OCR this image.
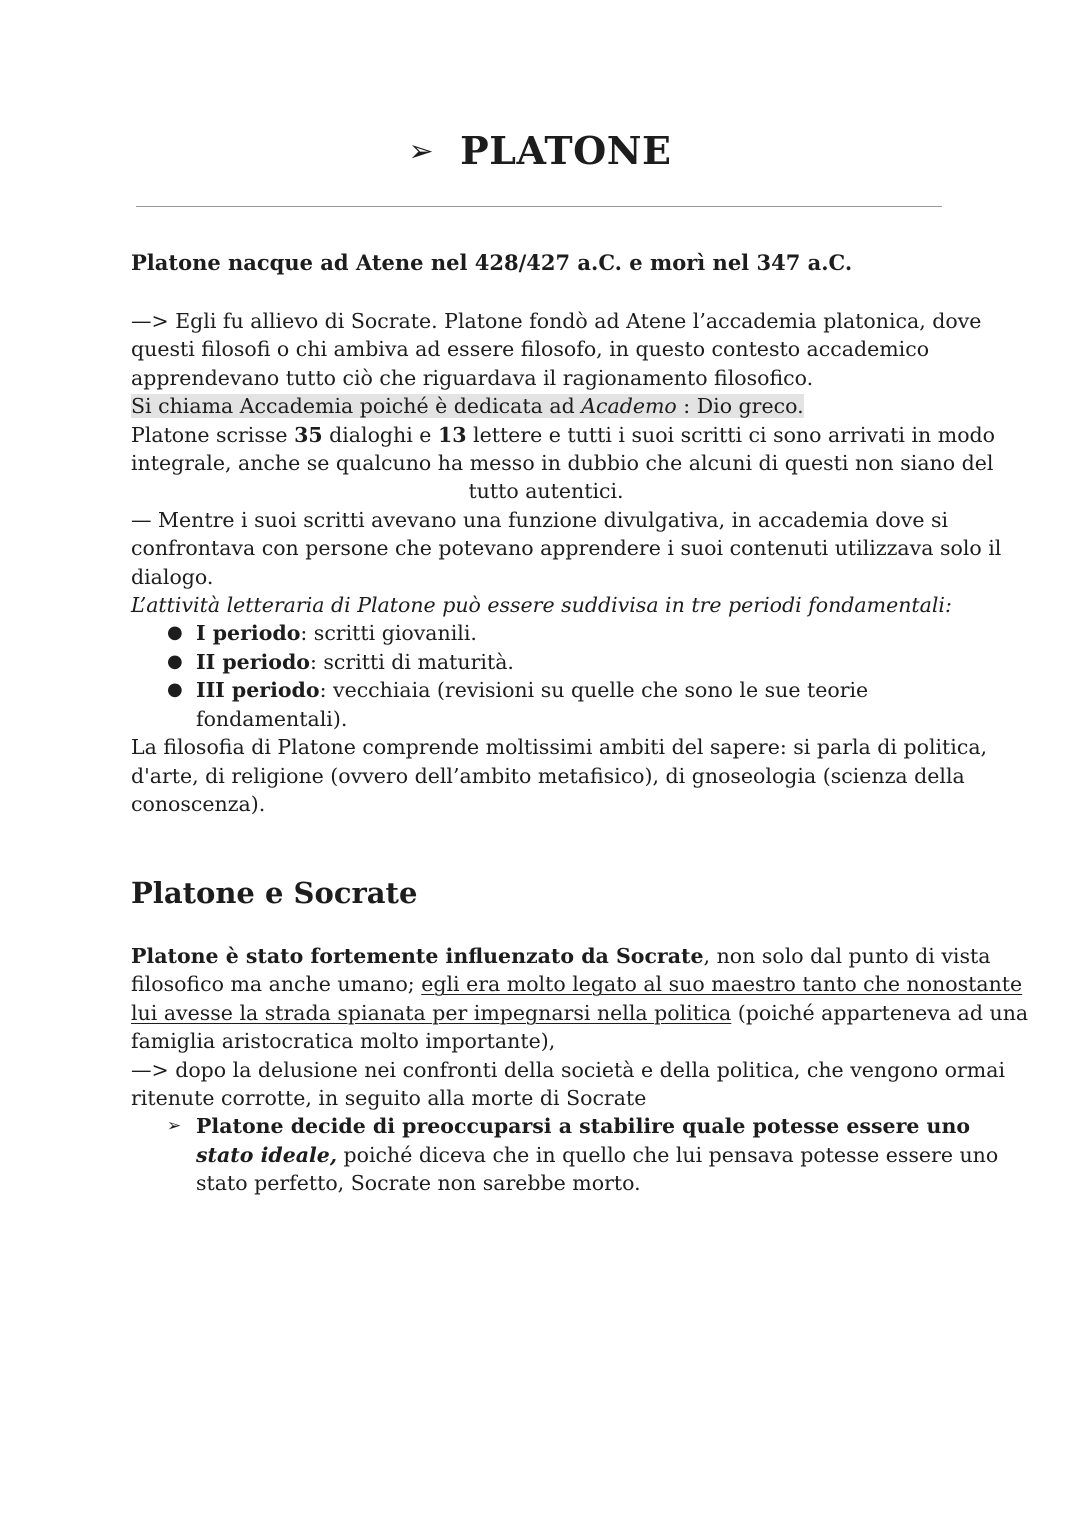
➢ PLATONE
Platone nacque ad Atene nel 428/427 a.C. e morì nel 347 a.C.
—> Egli fu allievo di Socrate. Platone fondò ad Atene l’accademia platonica, dove
questi filosofi o chi ambiva ad essere filosofo, in questo contesto accademico
apprendevano tutto ciò che riguardava il ragionamento filosofico.
Si chiama Accademia poiché è dedicata ad Academo : Dio greco.
Platone scrisse 35 dialoghi e 13 lettere e tutti i suoi scritti ci sono arrivati in modo
integrale, anche se qualcuno ha messo in dubbio che alcuni di questi non siano del
tutto autentici.
— Mentre i suoi scritti avevano una funzione divulgativa, in accademia dove si
confrontava con persone che potevano apprendere i suoi contenuti utilizzava solo il
dialogo.
L’attività letteraria di Platone può essere suddivisa in tre periodi fondamentali:
● I periodo: scritti giovanili.
● II periodo: scritti di maturità.
● III periodo: vecchiaia (revisioni su quelle che sono le sue teorie
fondamentali).
La filosofia di Platone comprende moltissimi ambiti del sapere: si parla di politica,
d'arte, di religione (ovvero dell’ambito metafisico), di gnoseologia (scienza della
conoscenza).
Platone e Socrate
Platone è stato fortemente influenzato da Socrate, non solo dal punto di vista
filosofico ma anche umano; egli era molto legato al suo maestro tanto che nonostante
lui avesse la strada spianata per impegnarsi nella politica (poiché apparteneva ad una
famiglia aristocratica molto importante),
—> dopo la delusione nei confronti della società e della politica, che vengono ormai
ritenute corrotte, in seguito alla morte di Socrate
➢ Platone decide di preoccuparsi a stabilire quale potesse essere uno
stato ideale, poiché diceva che in quello che lui pensava potesse essere uno
stato perfetto, Socrate non sarebbe morto.
